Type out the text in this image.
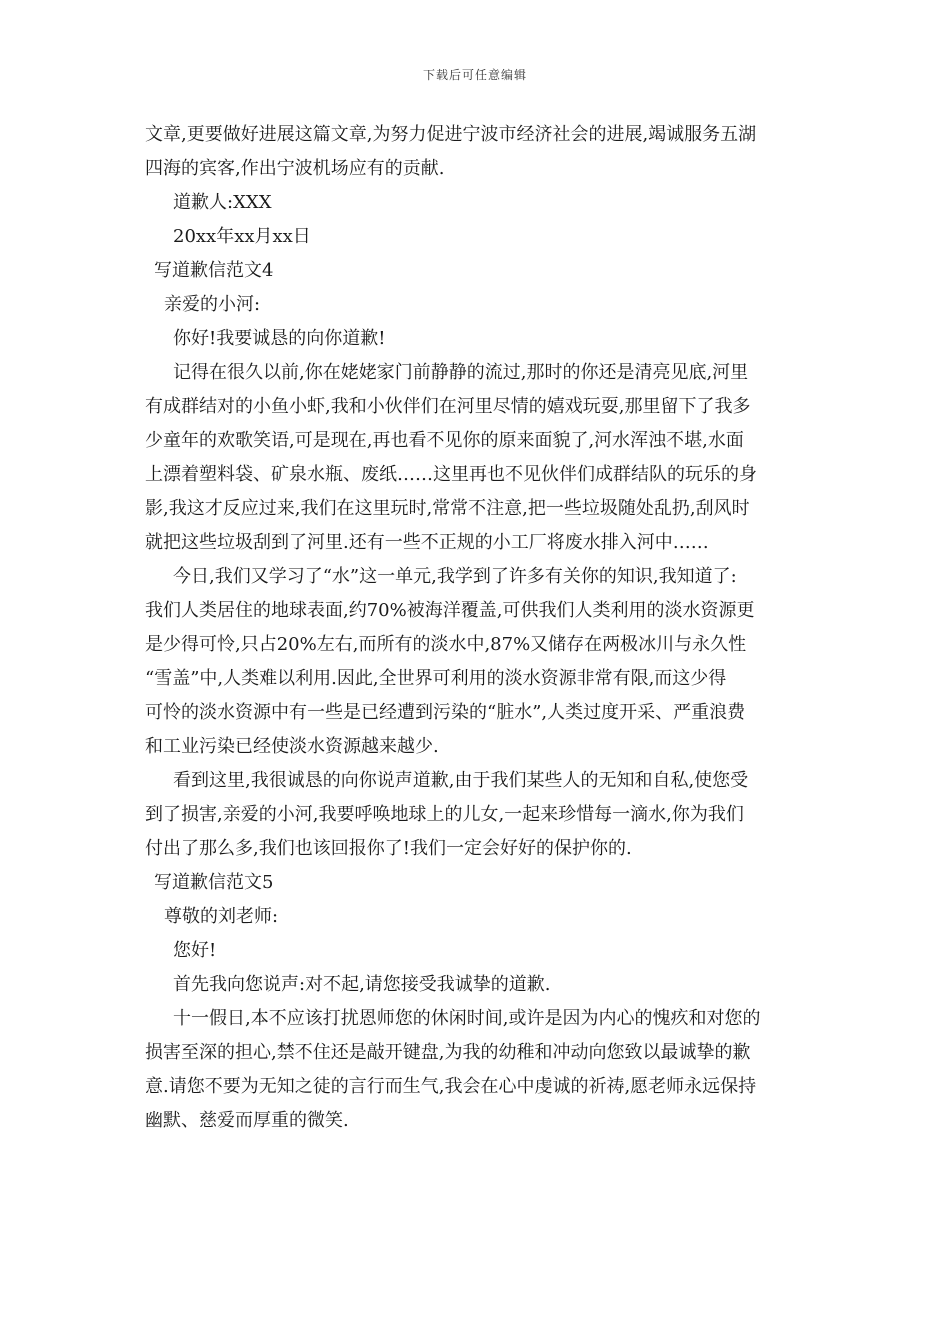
下载后可任意编辑

文章,更要做好进展这篇文章,为努力促进宁波市经济社会的进展,竭诚服务五湖

四海的宾客,作出宁波机场应有的贡献.

道歉人:XXX

20xx年xx月xx日

写道歉信范文4

亲爱的小河:

你好!我要诚恳的向你道歉!

记得在很久以前,你在姥姥家门前静静的流过,那时的你还是清亮见底,河里

有成群结对的小鱼小虾,我和小伙伴们在河里尽情的嬉戏玩耍,那里留下了我多

少童年的欢歌笑语,可是现在,再也看不见你的原来面貌了,河水浑浊不堪,水面

上漂着塑料袋、矿泉水瓶、废纸……这里再也不见伙伴们成群结队的玩乐的身

影,我这才反应过来,我们在这里玩时,常常不注意,把一些垃圾随处乱扔,刮风时

就把这些垃圾刮到了河里.还有一些不正规的小工厂将废水排入河中……

今日,我们又学习了“水”这一单元,我学到了许多有关你的知识,我知道了:

我们人类居住的地球表面,约70%被海洋覆盖,可供我们人类利用的淡水资源更

是少得可怜,只占20%左右,而所有的淡水中,87%又储存在两极冰川与永久性

“雪盖”中,人类难以利用.因此,全世界可利用的淡水资源非常有限,而这少得

可怜的淡水资源中有一些是已经遭到污染的“脏水”,人类过度开采、严重浪费

和工业污染已经使淡水资源越来越少.

看到这里,我很诚恳的向你说声道歉,由于我们某些人的无知和自私,使您受

到了损害,亲爱的小河,我要呼唤地球上的儿女,一起来珍惜每一滴水,你为我们

付出了那么多,我们也该回报你了!我们一定会好好的保护你的.

写道歉信范文5

尊敬的刘老师:

您好!

首先我向您说声:对不起,请您接受我诚挚的道歉.

十一假日,本不应该打扰恩师您的休闲时间,或许是因为内心的愧疚和对您的

损害至深的担心,禁不住还是敲开键盘,为我的幼稚和冲动向您致以最诚挚的歉

意.请您不要为无知之徒的言行而生气,我会在心中虔诚的祈祷,愿老师永远保持

幽默、慈爱而厚重的微笑.
